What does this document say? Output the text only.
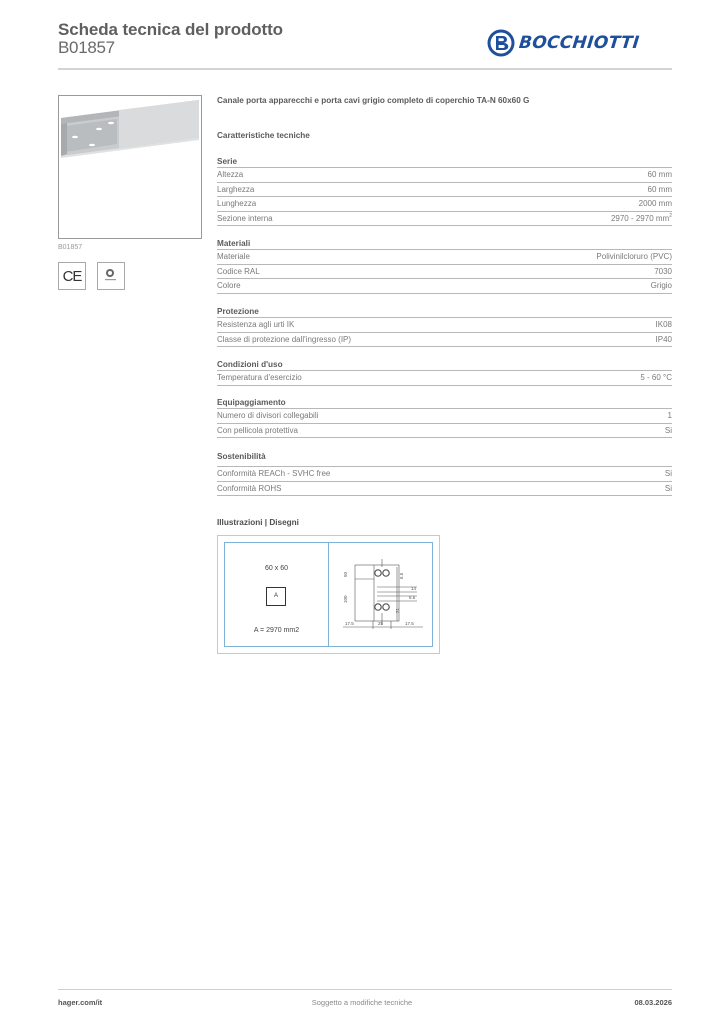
Scheda tecnica del prodotto
B01857	BOCCHIOTTI
B01857
CE
Canale porta apparecchi e porta cavi grigio completo di coperchio TA-N 60x60 G
Caratteristiche tecniche
Serie
Altezza	60 mm
Larghezza	60 mm
Lunghezza	2000 mm
Sezione interna	2970 - 2970 $mm^2$
Materiali
Materiale	Polivinilcloruro (PVC)
Codice RAL	7030
Colore	Grigio
Protezione
Resistenza agli urti IK	IK08
Classe di protezione dall'ingresso (IP)	IP40
Condizioni d'uso
Temperatura d'esercizio	5 - 60 °C
Equipaggiamento
Numero di divisori collegabili	1
Con pellicola protettiva	Si
Sostenibilità
Conformità REACh - SVHC free	Si
Conformità ROHS	Si
Illustrazioni | Disegni
60 x 60
A
A = 2970 mm2
50
100
6.5
14
6.5
21
17.5	25	17.5
hager.com/it	Soggetto a modifiche tecniche	08.03.2026
